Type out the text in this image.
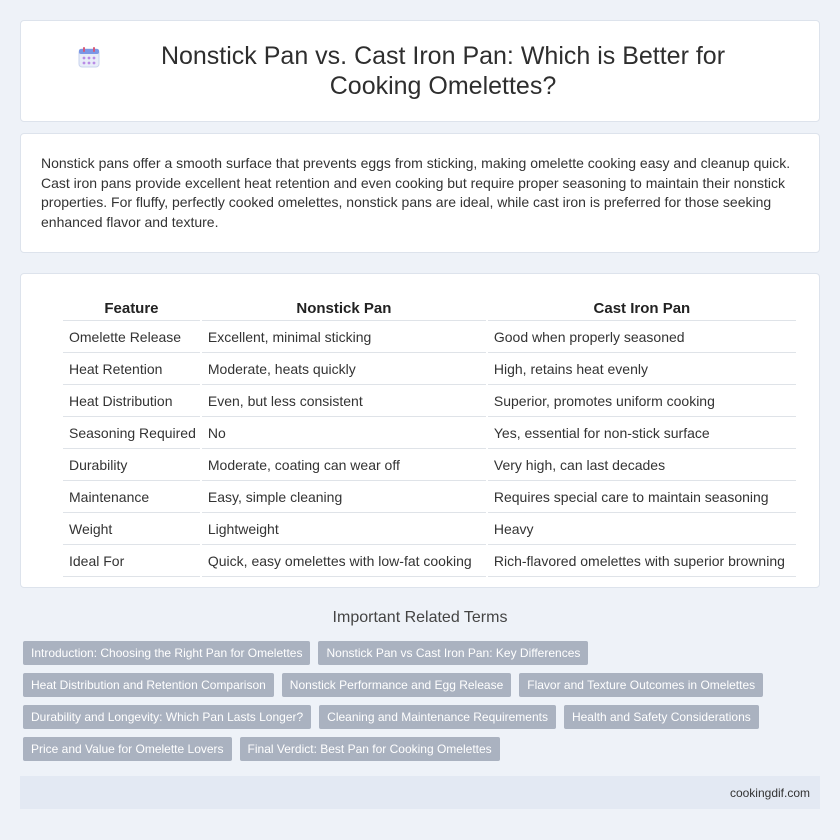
Nonstick Pan vs. Cast Iron Pan: Which is Better for Cooking Omelettes?

Nonstick pans offer a smooth surface that prevents eggs from sticking, making omelette cooking easy and cleanup quick. Cast iron pans provide excellent heat retention and even cooking but require proper seasoning to maintain their nonstick properties. For fluffy, perfectly cooked omelettes, nonstick pans are ideal, while cast iron is preferred for those seeking enhanced flavor and texture.

Feature	Nonstick Pan	Cast Iron Pan
Omelette Release	Excellent, minimal sticking	Good when properly seasoned
Heat Retention	Moderate, heats quickly	High, retains heat evenly
Heat Distribution	Even, but less consistent	Superior, promotes uniform cooking
Seasoning Required	No	Yes, essential for non-stick surface
Durability	Moderate, coating can wear off	Very high, can last decades
Maintenance	Easy, simple cleaning	Requires special care to maintain seasoning
Weight	Lightweight	Heavy
Ideal For	Quick, easy omelettes with low-fat cooking	Rich-flavored omelettes with superior browning
Important Related Terms
Introduction: Choosing the Right Pan for Omelettes	Nonstick Pan vs Cast Iron Pan: Key Differences
Heat Distribution and Retention Comparison	Nonstick Performance and Egg Release	Flavor and Texture Outcomes in Omelettes
Durability and Longevity: Which Pan Lasts Longer?	Cleaning and Maintenance Requirements	Health and Safety Considerations
Price and Value for Omelette Lovers	Final Verdict: Best Pan for Cooking Omelettes
cookingdif.com
